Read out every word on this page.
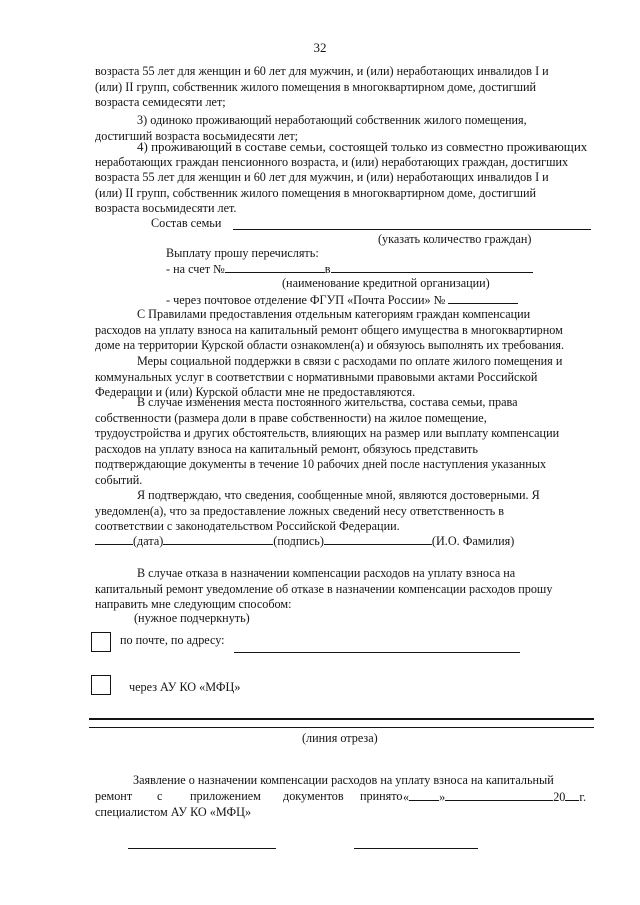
32

возраста 55 лет для женщин и 60 лет для мужчин, и (или) неработающих инвалидов I и

(или) II групп, собственник жилого помещения в многоквартирном доме, достигший

возраста семидесяти лет;

3) одиноко проживающий неработающий собственник жилого помещения,

достигший возраста восьмидесяти лет;

4) проживающий в составе семьи, состоящей только из совместно проживающих

неработающих граждан пенсионного возраста, и (или) неработающих граждан, достигших

возраста 55 лет для женщин и 60 лет для мужчин, и (или) неработающих инвалидов I и

(или) II групп, собственник жилого помещения в многоквартирном доме, достигший

возраста восьмидесяти лет.

Состав семьи
(указать количество граждан)
Выплату прошу перечислять:
- на счет №	в
(наименование кредитной организации)
- через почтовое отделение ФГУП «Почта России» №

С Правилами предоставления отдельным категориям граждан компенсации

расходов на уплату взноса на капитальный ремонт общего имущества в многоквартирном

доме на территории Курской области ознакомлен(а) и обязуюсь выполнять их требования.

Меры социальной поддержки в связи с расходами по оплате жилого помещения и

коммунальных услуг в соответствии с нормативными правовыми актами Российской

Федерации и (или) Курской области мне не предоставляются.

В случае изменения места постоянного жительства, состава семьи, права

собственности (размера доли в праве собственности) на жилое помещение,

трудоустройства и других обстоятельств, влияющих на размер или выплату компенсации

расходов на уплату взноса на капитальный ремонт, обязуюсь представить

подтверждающие документы в течение 10 рабочих дней после наступления указанных

событий.

Я подтверждаю, что сведения, сообщенные мной, являются достоверными. Я

уведомлен(а), что за предоставление ложных сведений несу ответственность в

соответствии с законодательством Российской Федерации.

(дата)	(подпись)	(И.О. Фамилия)

В случае отказа в назначении компенсации расходов на уплату взноса на

капитальный ремонт уведомление об отказе в назначении компенсации расходов прошу

направить мне следующим способом:

(нужное подчеркнуть)
по почте, по адресу:
через АУ КО «МФЦ»
(линия отреза)
Заявление о назначении компенсации расходов на уплату взноса на капитальный
ремонт с приложением документов принято « »	20 г.
специалистом АУ КО «МФЦ»
